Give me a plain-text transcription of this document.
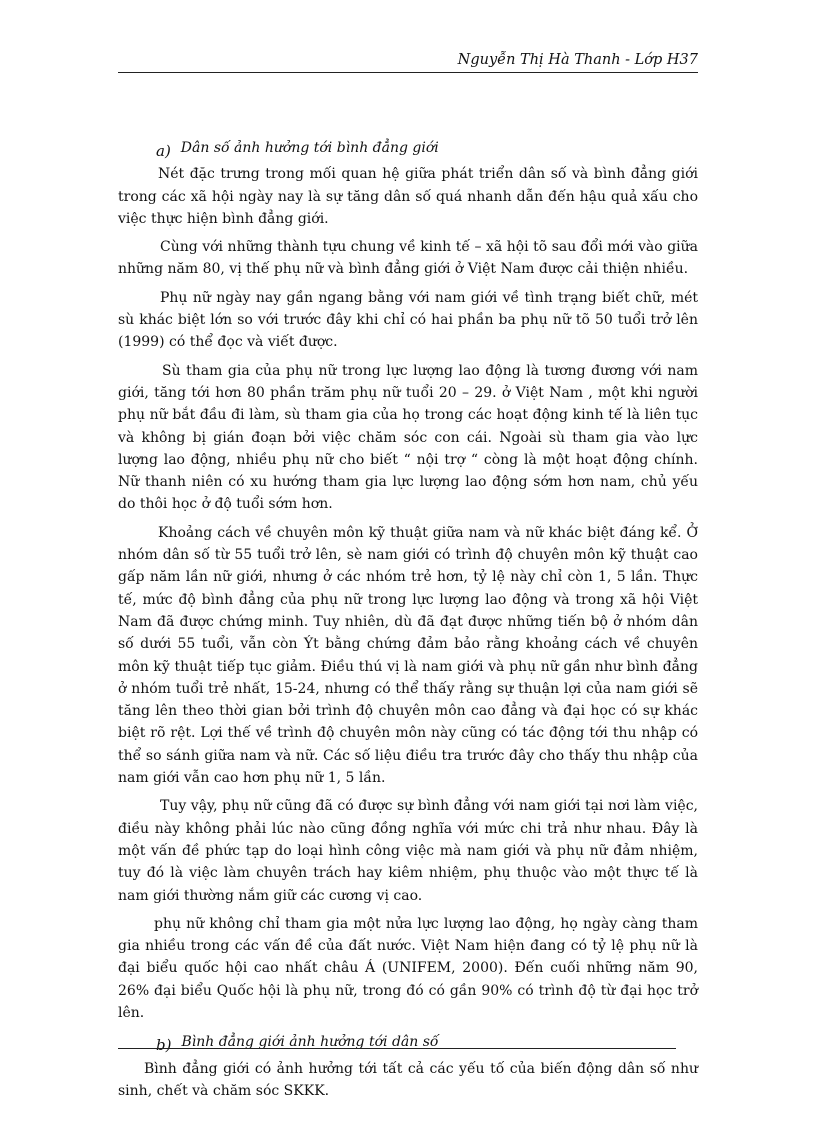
Nguyễn Thị Hà Thanh - Lớp H37
a) Dân số ảnh hưởng tới bình đẳng giới

Nét đặc trưng trong mối quan hệ giữa phát triển dân số và bình đẳng giới trong các xã hội ngày nay là sự tăng dân số quá nhanh dẫn đến hậu quả xấu cho việc thực hiện bình đẳng giới.

Cùng với những thành tựu chung về kinh tế – xã hội tõ sau đổi mới vào giữa những năm 80, vị thế phụ nữ và bình đẳng giới ở Việt Nam được cải thiện nhiều.

Phụ nữ ngày nay gần ngang bằng với nam giới về tình trạng biết chữ, mét sù khác biệt lớn so với trước đây khi chỉ có hai phần ba phụ nữ tõ 50 tuổi trở lên (1999) có thể đọc và viết được.

Sù tham gia của phụ nữ trong lực lượng lao động là tương đương với nam giới, tăng tới hơn 80 phần trăm phụ nữ tuổi 20 – 29. ở Việt Nam , một khi người phụ nữ bắt đầu đi làm, sù tham gia của họ trong các hoạt động kinh tế là liên tục và không bị gián đoạn bởi việc chăm sóc con cái. Ngoài sù tham gia vào lực lượng lao động, nhiều phụ nữ cho biết “ nội trợ “ còng là một hoạt động chính. Nữ thanh niên có xu hướng tham gia lực lượng lao động sớm hơn nam, chủ yếu do thôi học ở độ tuổi sớm hơn.

Khoảng cách về chuyên môn kỹ thuật giữa nam và nữ khác biệt đáng kể. Ở nhóm dân số từ 55 tuổi trở lên, sè nam giới có trình độ chuyên môn kỹ thuật cao gấp năm lần nữ giới, nhưng ở các nhóm trẻ hơn, tỷ lệ này chỉ còn 1, 5 lần. Thực tế, mức độ bình đẳng của phụ nữ trong lực lượng lao động và trong xã hội Việt Nam đã được chứng minh. Tuy nhiên, dù đã đạt được những tiến bộ ở nhóm dân số dưới 55 tuổi, vẫn còn Ýt bằng chứng đảm bảo rằng khoảng cách về chuyên môn kỹ thuật tiếp tục giảm. Điều thú vị là nam giới và phụ nữ gần như bình đẳng ở nhóm tuổi trẻ nhất, 15-24, nhưng có thể thấy rằng sự thuận lợi của nam giới sẽ tăng lên theo thời gian bởi trình độ chuyên môn cao đẳng và đại học có sự khác biệt rõ rệt. Lợi thế về trình độ chuyên môn này cũng có tác động tới thu nhập có thể so sánh giữa nam và nữ. Các số liệu điều tra trước đây cho thấy thu nhập của nam giới vẫn cao hơn phụ nữ 1, 5 lần.

Tuy vậy, phụ nữ cũng đã có được sự bình đẳng với nam giới tại nơi làm việc, điều này không phải lúc nào cũng đồng nghĩa với mức chi trả như nhau. Đây là một vấn đề phức tạp do loại hình công việc mà nam giới và phụ nữ đảm nhiệm, tuy đó là việc làm chuyên trách hay kiêm nhiệm, phụ thuộc vào một thực tế là nam giới thường nắm giữ các cương vị cao.

phụ nữ không chỉ tham gia một nửa lực lượng lao động, họ ngày càng tham gia nhiều trong các vấn đề của đất nước. Việt Nam hiện đang có tỷ lệ phụ nữ là đại biểu quốc hội cao nhất châu Á (UNIFEM, 2000). Đến cuối những năm 90, 26% đại biểu Quốc hội là phụ nữ, trong đó có gần 90% có trình độ từ đại học trở lên.

b) Bình đẳng giới ảnh hưởng tới dân số

Bình đẳng giới có ảnh hưởng tới tất cả các yếu tố của biến động dân số như sinh, chết và chăm sóc SKKK.
